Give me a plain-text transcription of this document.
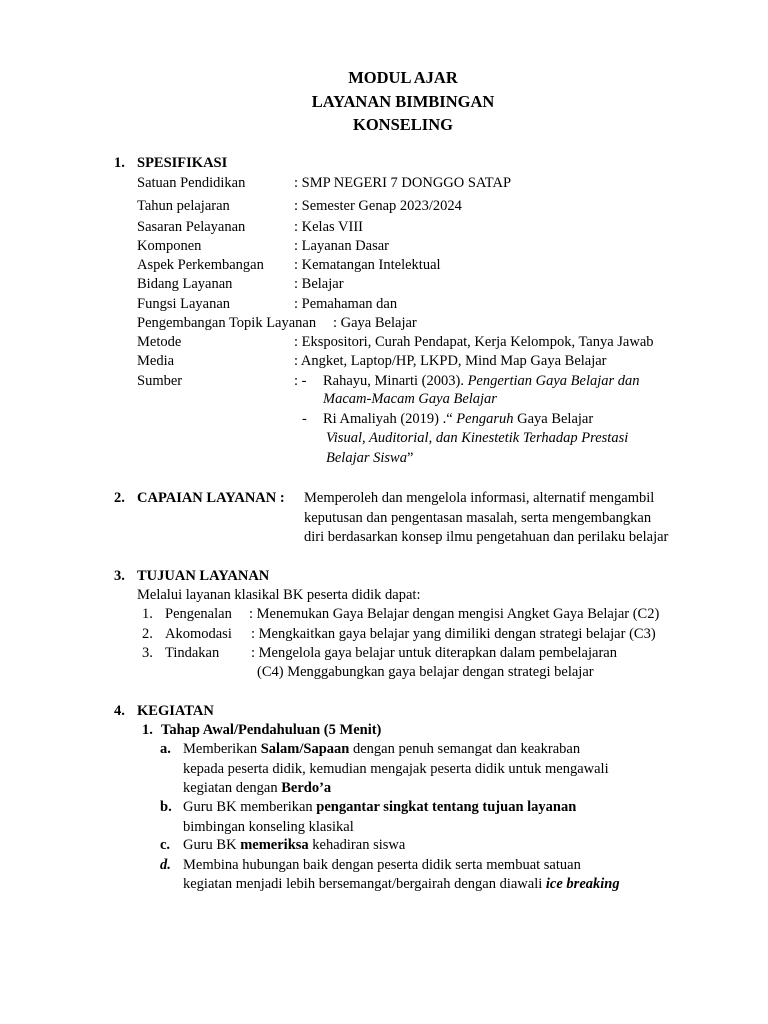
MODUL AJAR
LAYANAN BIMBINGAN
KONSELING
1. SPESIFIKASI
Satuan Pendidikan	: SMP NEGERI 7 DONGGO SATAP
Tahun pelajaran	: Semester Genap 2023/2024
Sasaran Pelayanan	: Kelas VIII
Komponen	: Layanan Dasar
Aspek Perkembangan : Kematangan Intelektual
Bidang Layanan	: Belajar
Fungsi Layanan	: Pemahaman dan
Pengembangan Topik Layanan : Gaya Belajar
Metode	: Ekspositori, Curah Pendapat, Kerja Kelompok, Tanya Jawab
Media	: Angket, Laptop/HP, LKPD, Mind Map Gaya Belajar
Sumber	: - Rahayu, Minarti (2003). Pengertian Gaya Belajar dan
Macam-Macam Gaya Belajar
- Ri Amaliyah (2019) .“ Pengaruh Gaya Belajar
Visual, Auditorial, dan Kinestetik Terhadap Prestasi
Belajar Siswa”
2. CAPAIAN LAYANAN : Memperoleh dan mengelola informasi, alternatif mengambil
keputusan dan pengentasan masalah, serta mengembangkan
diri berdasarkan konsep ilmu pengetahuan dan perilaku belajar
3. TUJUAN LAYANAN
Melalui layanan klasikal BK peserta didik dapat:
1. Pengenalan : Menemukan Gaya Belajar dengan mengisi Angket Gaya Belajar (C2)
2. Akomodasi : Mengkaitkan gaya belajar yang dimiliki dengan strategi belajar (C3)
3. Tindakan : Mengelola gaya belajar untuk diterapkan dalam pembelajaran
(C4) Menggabungkan gaya belajar dengan strategi belajar
4. KEGIATAN
1. Tahap Awal/Pendahuluan (5 Menit)
a. Memberikan Salam/Sapaan dengan penuh semangat dan keakraban
kepada peserta didik, kemudian mengajak peserta didik untuk mengawali
kegiatan dengan Berdo’a
b. Guru BK memberikan pengantar singkat tentang tujuan layanan
bimbingan konseling klasikal
c. Guru BK memeriksa kehadiran siswa
d. Membina hubungan baik dengan peserta didik serta membuat satuan
kegiatan menjadi lebih bersemangat/bergairah dengan diawali ice breaking
